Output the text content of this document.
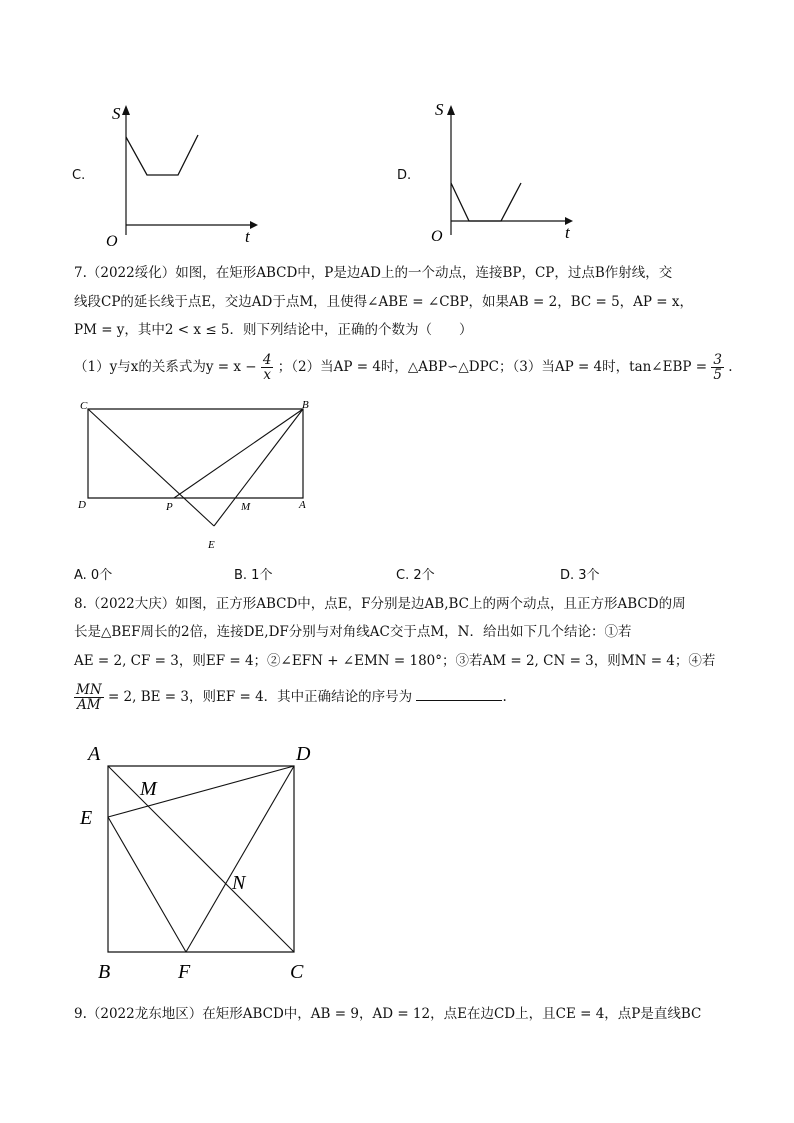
C.
S
t
O
D.
S
t
O
7.（2022绥化）如图，在矩形ABCD中，P是边AD上的一个动点，连接BP，CP，过点B作射线，交
线段CP的延长线于点E，交边AD于点M，且使得∠ABE = ∠CBP，如果AB = 2，BC = 5，AP = x，
PM = y，其中2 < x ≤ 5．则下列结论中，正确的个数为（　　）
（1）y与x的关系式为$y = x - \frac{4}{x}$ ；（2）当AP = 4时，△ABP∽△DPC；（3）当AP = 4时，tan∠EBP = $\frac{3}{5}$ .
C	B
D	P	M	A
E
A. 0个	B. 1个	C. 2个	D. 3个
8.（2022大庆）如图，正方形ABCD中，点E，F分别是边AB,BC上的两个动点，且正方形ABCD的周
长是△BEF周长的2倍，连接DE,DF分别与对角线AC交于点M，N．给出如下几个结论：①若
AE = 2, CF = 3，则EF = 4；②∠EFN + ∠EMN = 180°；③若AM = 2, CN = 3，则MN = 4；④若
$\frac{MN}{AM} = 2$, BE = 3，则EF = 4．其中正确结论的序号为	.
A	D
M
E
N
B	F	C
9.（2022龙东地区）在矩形ABCD中，AB = 9，AD = 12，点E在边CD上，且CE = 4，点P是直线BC
